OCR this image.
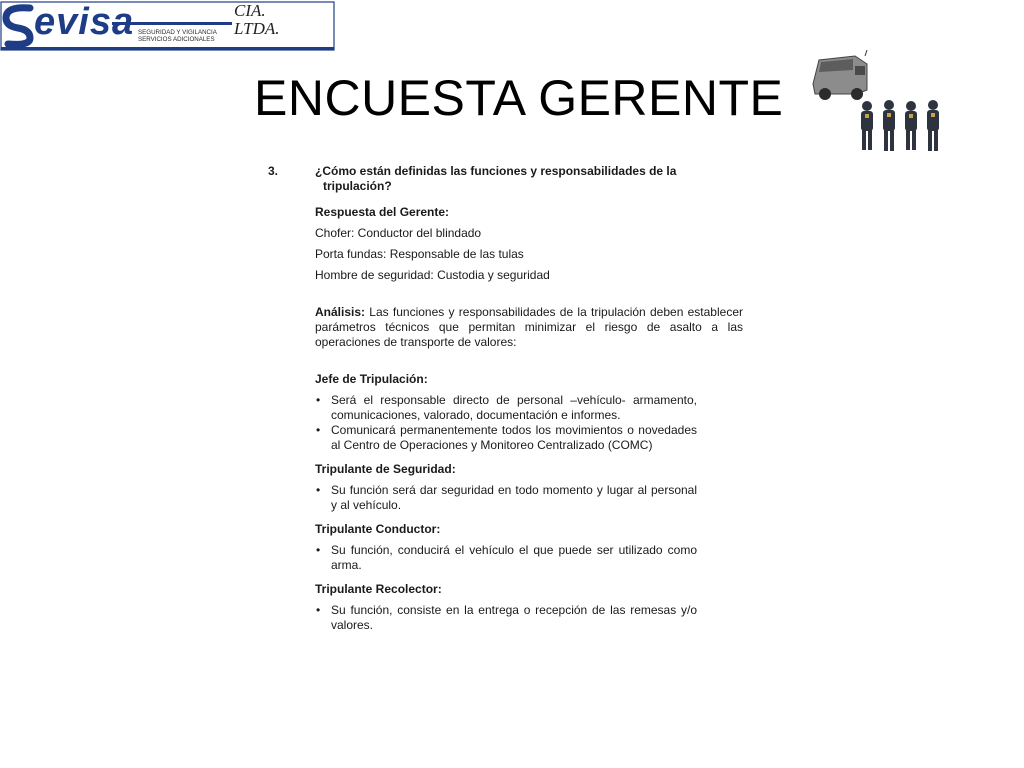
evisa SEGURIDAD Y VIGILANCIA
SERVICIOS ADICIONALES
CIA.
LTDA.
ENCUESTA GERENTE
3.	¿Cómo están definidas las funciones y responsabilidades de la
tripulación?
Respuesta del Gerente:
Chofer: Conductor del blindado
Porta fundas: Responsable de las tulas
Hombre de seguridad: Custodia y seguridad
Análisis: Las funciones y responsabilidades de la tripulación deben establecer parámetros técnicos que permitan minimizar el riesgo de asalto a las operaciones de transporte de valores:
Jefe de Tripulación:
• Será el responsable directo de personal –vehículo- armamento, comunicaciones, valorado, documentación e informes.
• Comunicará permanentemente todos los movimientos o novedades al Centro de Operaciones y Monitoreo Centralizado (COMC)
Tripulante de Seguridad:
• Su función será dar seguridad en todo momento y lugar al personal y al vehículo.
Tripulante Conductor:
• Su función, conducirá el vehículo el que puede ser utilizado como arma.
Tripulante Recolector:
• Su función, consiste en la entrega o recepción de las remesas y/o valores.
